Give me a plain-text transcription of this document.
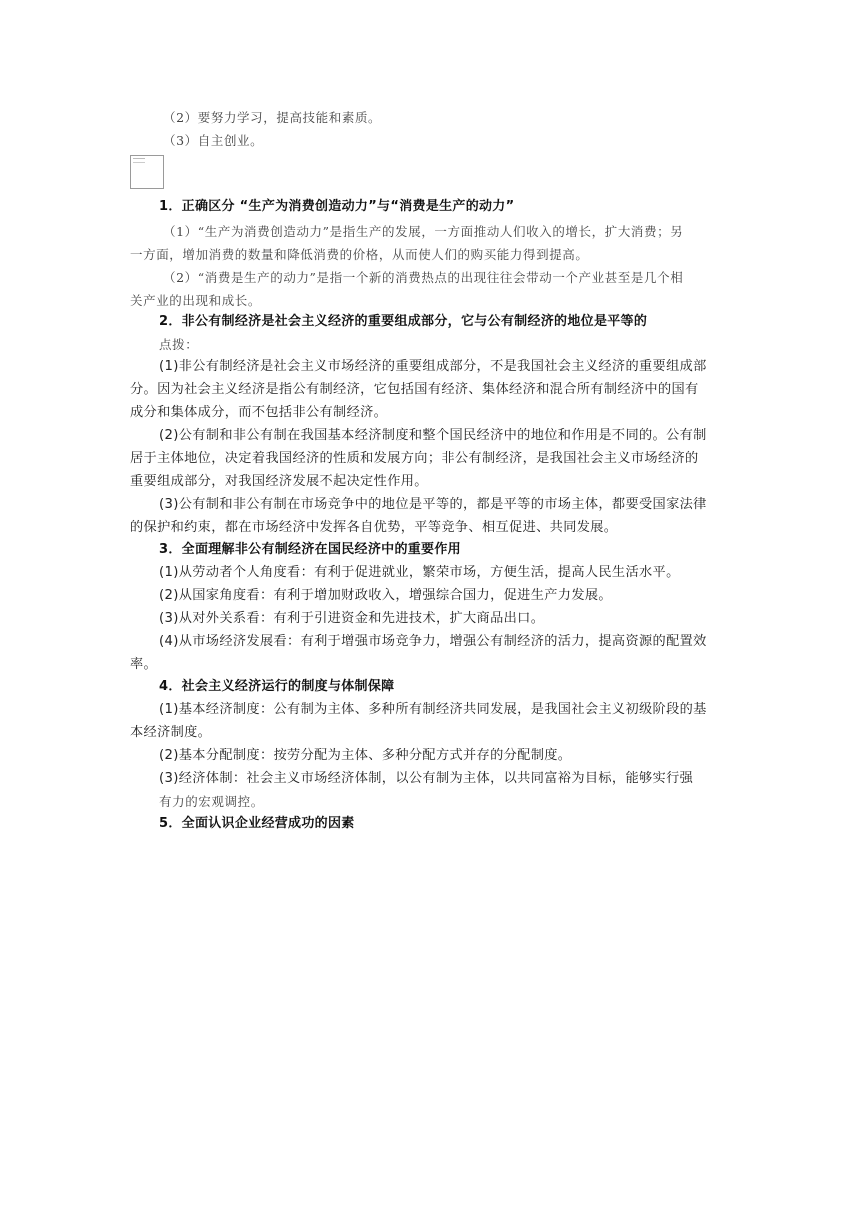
（2）要努力学习，提高技能和素质。
（3）自主创业。
1．正确区分 “生产为消费创造动力”与“消费是生产的动力”
（1）“生产为消费创造动力”是指生产的发展，一方面推动人们收入的增长，扩大消费；另
一方面，增加消费的数量和降低消费的价格，从而使人们的购买能力得到提高。
（2）“消费是生产的动力”是指一个新的消费热点的出现往往会带动一个产业甚至是几个相
关产业的出现和成长。
2．非公有制经济是社会主义经济的重要组成部分，它与公有制经济的地位是平等的
点拨：
(1)非公有制经济是社会主义市场经济的重要组成部分，不是我国社会主义经济的重要组成部
分。因为社会主义经济是指公有制经济，它包括国有经济、集体经济和混合所有制经济中的国有
成分和集体成分，而不包括非公有制经济。
(2)公有制和非公有制在我国基本经济制度和整个国民经济中的地位和作用是不同的。公有制
居于主体地位，决定着我国经济的性质和发展方向；非公有制经济，是我国社会主义市场经济的
重要组成部分，对我国经济发展不起决定性作用。
(3)公有制和非公有制在市场竞争中的地位是平等的，都是平等的市场主体，都要受国家法律
的保护和约束，都在市场经济中发挥各自优势，平等竞争、相互促进、共同发展。
3．全面理解非公有制经济在国民经济中的重要作用
(1)从劳动者个人角度看：有利于促进就业，繁荣市场，方便生活，提高人民生活水平。
(2)从国家角度看：有利于增加财政收入，增强综合国力，促进生产力发展。
(3)从对外关系看：有利于引进资金和先进技术，扩大商品出口。
(4)从市场经济发展看：有利于增强市场竞争力，增强公有制经济的活力，提高资源的配置效
率。
4．社会主义经济运行的制度与体制保障
(1)基本经济制度：公有制为主体、多种所有制经济共同发展，是我国社会主义初级阶段的基
本经济制度。
(2)基本分配制度：按劳分配为主体、多种分配方式并存的分配制度。
(3)经济体制：社会主义市场经济体制，以公有制为主体，以共同富裕为目标，能够实行强
有力的宏观调控。
5．全面认识企业经营成功的因素
